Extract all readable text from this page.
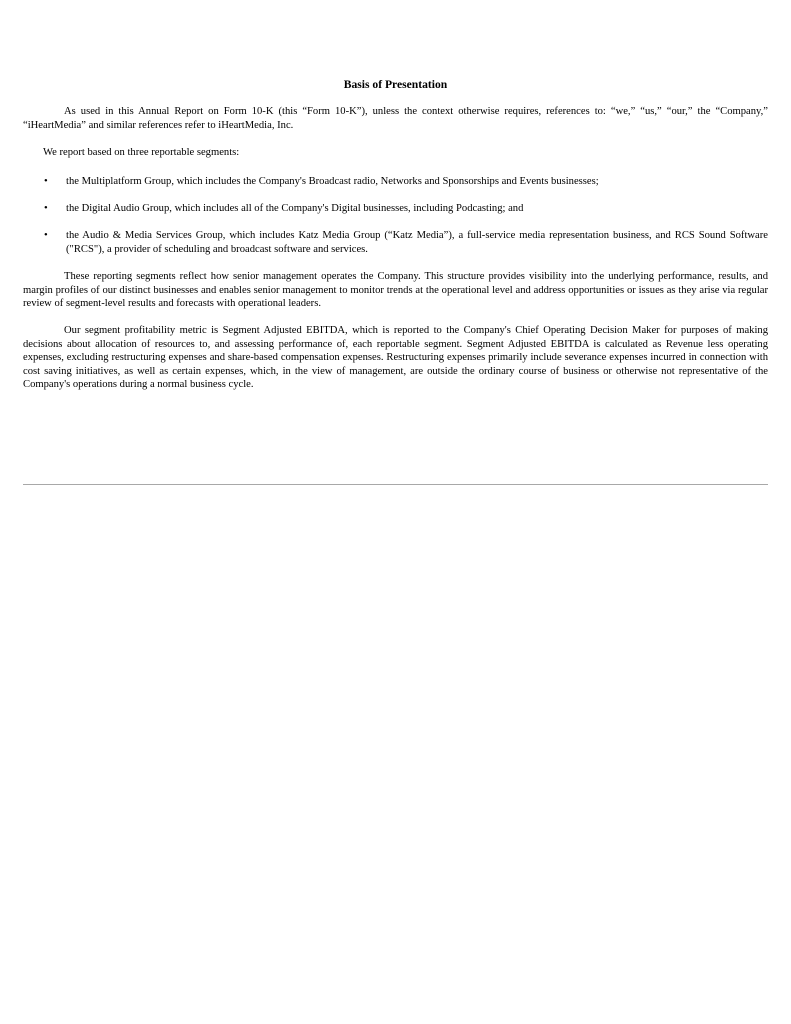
Basis of Presentation

As used in this Annual Report on Form 10-K (this “Form 10-K”), unless the context otherwise requires, references to: “we,” “us,” “our,” the “Company,” “iHeartMedia” and similar references refer to iHeartMedia, Inc.

We report based on three reportable segments:

• the Multiplatform Group, which includes the Company's Broadcast radio, Networks and Sponsorships and Events businesses;
• the Digital Audio Group, which includes all of the Company's Digital businesses, including Podcasting; and
• the Audio & Media Services Group, which includes Katz Media Group (“Katz Media”), a full-service media representation business, and RCS Sound Software ("RCS"), a provider of scheduling and broadcast software and services.

These reporting segments reflect how senior management operates the Company. This structure provides visibility into the underlying performance, results, and margin profiles of our distinct businesses and enables senior management to monitor trends at the operational level and address opportunities or issues as they arise via regular review of segment-level results and forecasts with operational leaders.

Our segment profitability metric is Segment Adjusted EBITDA, which is reported to the Company's Chief Operating Decision Maker for purposes of making decisions about allocation of resources to, and assessing performance of, each reportable segment. Segment Adjusted EBITDA is calculated as Revenue less operating expenses, excluding restructuring expenses and share-based compensation expenses. Restructuring expenses primarily include severance expenses incurred in connection with cost saving initiatives, as well as certain expenses, which, in the view of management, are outside the ordinary course of business or otherwise not representative of the Company's operations during a normal business cycle.
